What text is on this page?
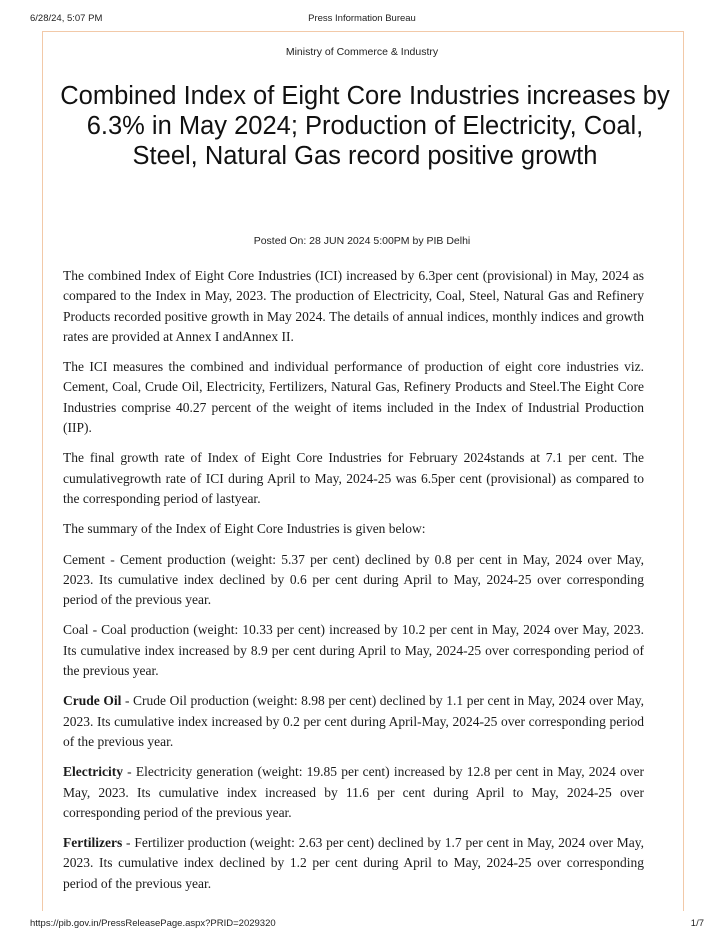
6/28/24, 5:07 PM	Press Information Bureau
Ministry of Commerce & Industry
Combined Index of Eight Core Industries increases by 6.3% in May 2024; Production of Electricity, Coal, Steel, Natural Gas record positive growth
Posted On: 28 JUN 2024 5:00PM by PIB Delhi

The combined Index of Eight Core Industries (ICI) increased by 6.3per cent (provisional) in May, 2024 as compared to the Index in May, 2023. The production of Electricity, Coal, Steel, Natural Gas and Refinery Products recorded positive growth in May 2024. The details of annual indices, monthly indices and growth rates are provided at Annex I andAnnex II.

The ICI measures the combined and individual performance of production of eight core industries viz. Cement, Coal, Crude Oil, Electricity, Fertilizers, Natural Gas, Refinery Products and Steel.The Eight Core Industries comprise 40.27 percent of the weight of items included in the Index of Industrial Production (IIP).

The final growth rate of Index of Eight Core Industries for February 2024stands at 7.1 per cent. The cumulativegrowth rate of ICI during April to May, 2024-25 was 6.5per cent (provisional) as compared to the corresponding period of lastyear.

The summary of the Index of Eight Core Industries is given below:

Cement - Cement production (weight: 5.37 per cent) declined by 0.8 per cent in May, 2024 over May, 2023. Its cumulative index declined by 0.6 per cent during April to May, 2024-25 over corresponding period of the previous year.

Coal - Coal production (weight: 10.33 per cent) increased by 10.2 per cent in May, 2024 over May, 2023. Its cumulative index increased by 8.9 per cent during April to May, 2024-25 over corresponding period of the previous year.

Crude Oil - Crude Oil production (weight: 8.98 per cent) declined by 1.1 per cent in May, 2024 over May, 2023. Its cumulative index increased by 0.2 per cent during April-May, 2024-25 over corresponding period of the previous year.

Electricity - Electricity generation (weight: 19.85 per cent) increased by 12.8 per cent in May, 2024 over May, 2023. Its cumulative index increased by 11.6 per cent during April to May, 2024-25 over corresponding period of the previous year.

Fertilizers - Fertilizer production (weight: 2.63 per cent) declined by 1.7 per cent in May, 2024 over May, 2023. Its cumulative index declined by 1.2 per cent during April to May, 2024-25 over corresponding period of the previous year.

https://pib.gov.in/PressReleasePage.aspx?PRID=2029320	1/7
